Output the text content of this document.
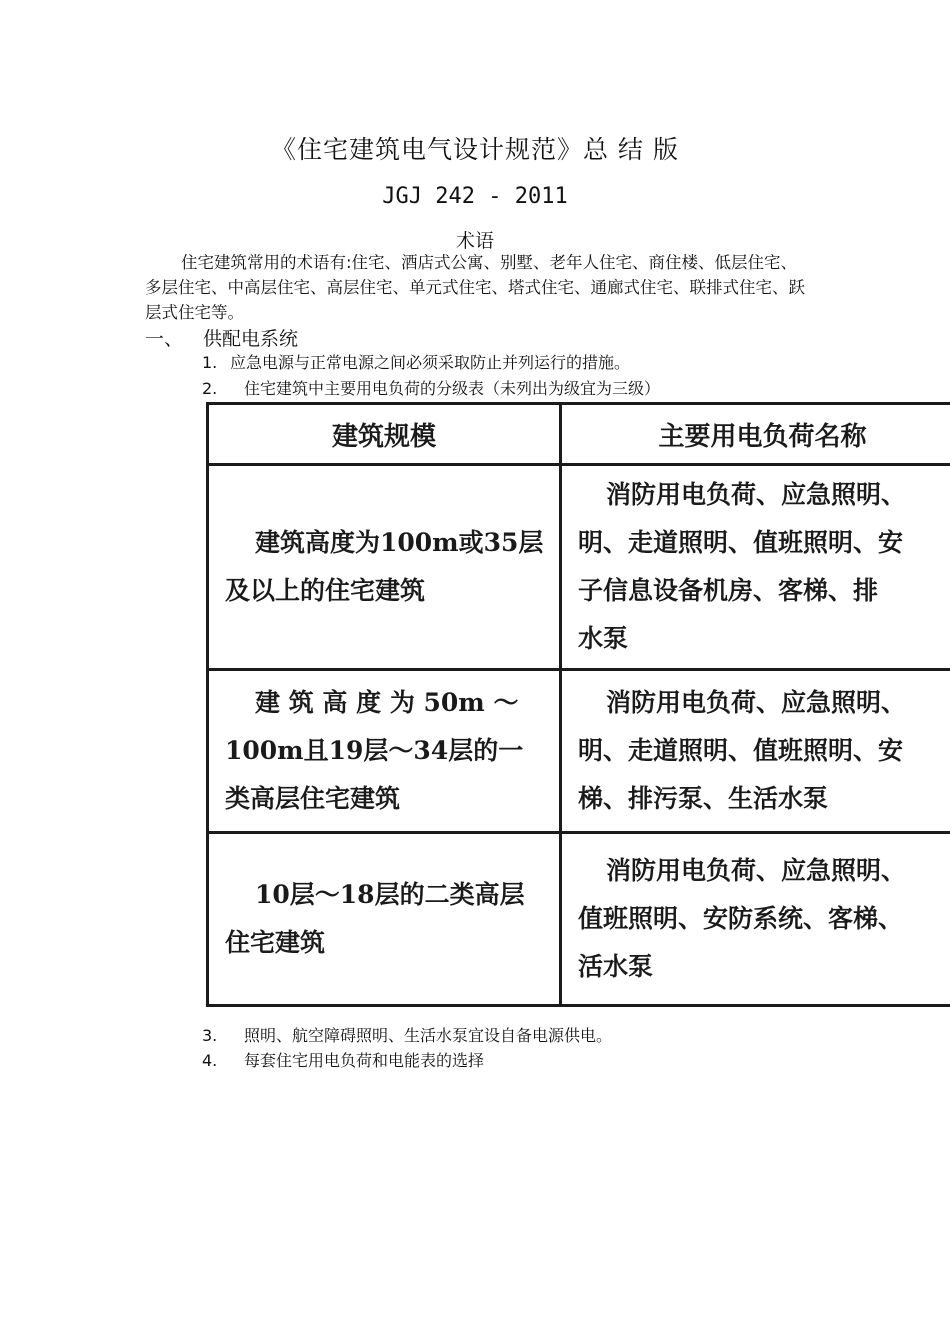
《住宅建筑电气设计规范》总 结 版
JGJ 242 - 2011
术语

住宅建筑常用的术语有:住宅、酒店式公寓、别墅、老年人住宅、商住楼、低层住宅、多层住宅、中高层住宅、高层住宅、单元式住宅、塔式住宅、通廊式住宅、联排式住宅、跃层式住宅等。

一、 供配电系统
1. 应急电源与正常电源之间必须采取防止并列运行的措施。
2. 住宅建筑中主要用电负荷的分级表（未列出为级宜为三级）
建筑规模	主要用电负荷名称
建筑高度为100m或35层及以上的住宅建筑	消防用电负荷、应急照明、
明、走道照明、值班照明、安
子信息设备机房、客梯、排
水泵

建 筑 高 度 为 50m ～100m且19层～34层的一类高层住宅建筑	消防用电负荷、应急照明、
明、走道照明、值班照明、安
梯、排污泵、生活水泵

10层～18层的二类高层住宅建筑	消防用电负荷、应急照明、
值班照明、安防系统、客梯、
活水泵
3. 照明、航空障碍照明、生活水泵宜设自备电源供电。
4. 每套住宅用电负荷和电能表的选择
